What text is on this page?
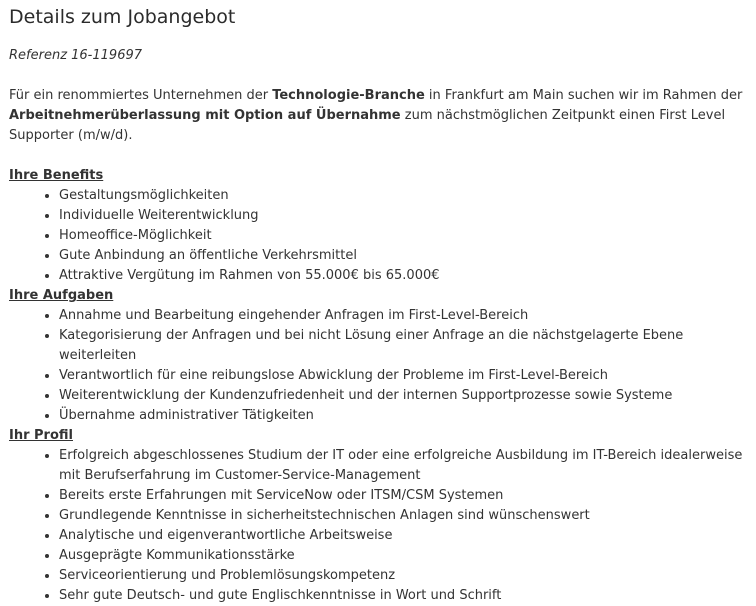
Details zum Jobangebot

Referenz 16-119697

Für ein renommiertes Unternehmen der Technologie-Branche in Frankfurt am Main suchen wir im Rahmen der Arbeitnehmerüberlassung mit Option auf Übernahme zum nächstmöglichen Zeitpunkt einen First Level Supporter (m/w/d).

Ihre Benefits
• Gestaltungsmöglichkeiten
• Individuelle Weiterentwicklung
• Homeoffice-Möglichkeit
• Gute Anbindung an öffentliche Verkehrsmittel
• Attraktive Vergütung im Rahmen von 55.000€ bis 65.000€
Ihre Aufgaben
• Annahme und Bearbeitung eingehender Anfragen im First-Level-Bereich
• Kategorisierung der Anfragen und bei nicht Lösung einer Anfrage an die nächstgelagerte Ebene weiterleiten
• Verantwortlich für eine reibungslose Abwicklung der Probleme im First-Level-Bereich
• Weiterentwicklung der Kundenzufriedenheit und der internen Supportprozesse sowie Systeme
• Übernahme administrativer Tätigkeiten
Ihr Profil
• Erfolgreich abgeschlossenes Studium der IT oder eine erfolgreiche Ausbildung im IT-Bereich idealerweise mit Berufserfahrung im Customer-Service-Management
• Bereits erste Erfahrungen mit ServiceNow oder ITSM/CSM Systemen
• Grundlegende Kenntnisse in sicherheitstechnischen Anlagen sind wünschenswert
• Analytische und eigenverantwortliche Arbeitsweise
• Ausgeprägte Kommunikationsstärke
• Serviceorientierung und Problemlösungskompetenz
• Sehr gute Deutsch- und gute Englischkenntnisse in Wort und Schrift
